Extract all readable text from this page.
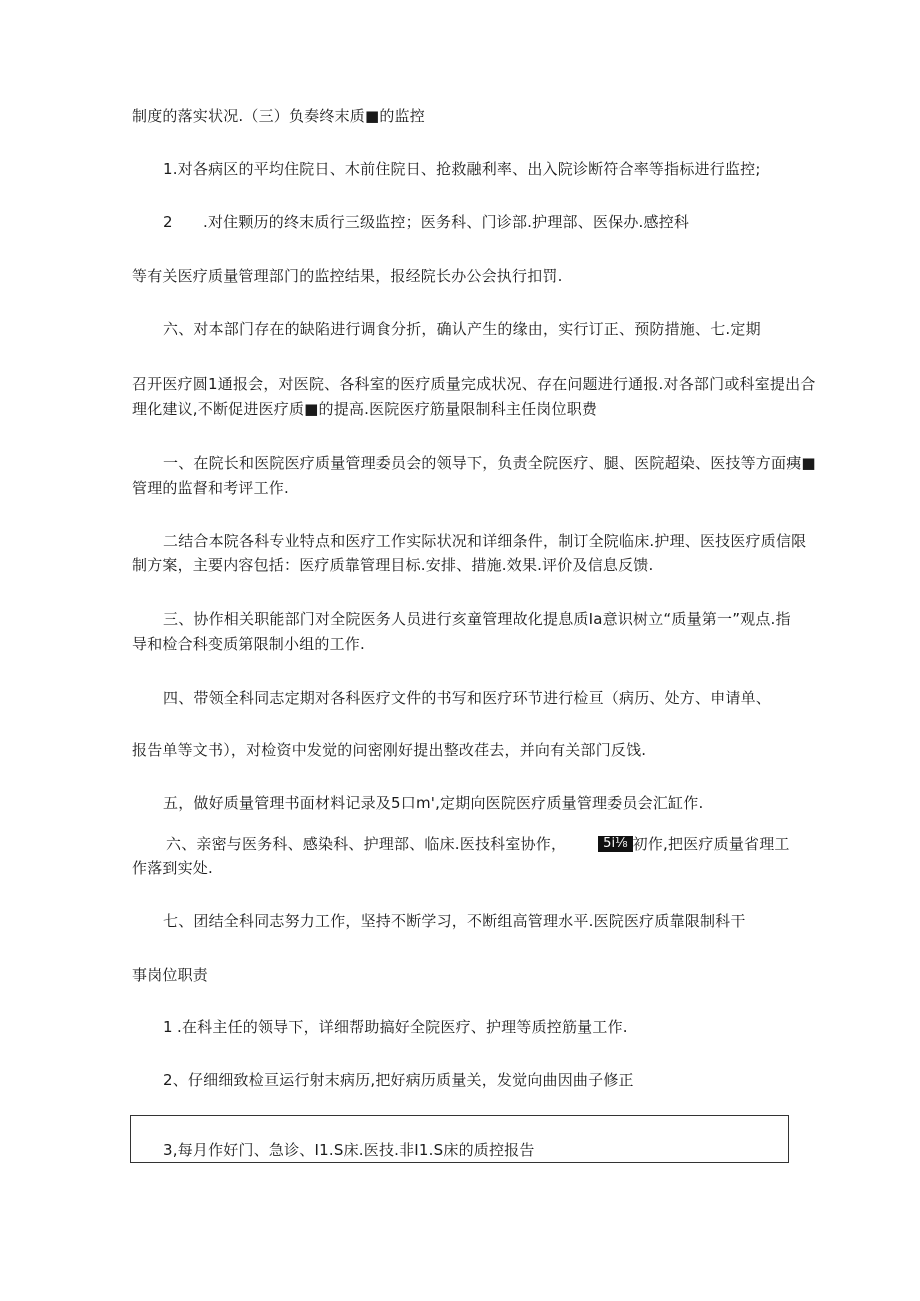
制度的落实状况.（三）负奏终末质■的监控
1.对各病区的平均住院日、木前住院日、抢救融利率、出入院诊断符合率等指标进行监控;
2 .对住颗历的终末质行三级监控；医务科、门诊部.护理部、医保办.感控科
等有关医疗质量管理部门的监控结果，报经院长办公会执行扣罚.
六、对本部门存在的缺陷进行调食分折，确认产生的缘由，实行订正、预防措施、七.定期
召开医疗圆1通报会，对医院、各科室的医疗质量完成状况、存在问题进行通报.对各部门或科室提出合
理化建议,不断促进医疗质■的提高.医院医疗筋量限制科主任岗位职费
一、在院长和医院医疗质量管理委员会的领导下，负责全院医疗、腿、医院超染、医技等方面痍■
管理的监督和考评工作.
二结合本院各科专业特点和医疗工作实际状况和详细条件，制订全院临床.护理、医技医疗质信限
制方案，主要内容包括：医疗质靠管理目标.安排、措施.效果.评价及信息反馈.
三、协作相关职能部门对全院医务人员进行亥童管理故化提息质Ia意识树立“质量第一”观点.指
导和检合科变质第限制小组的工作.
四、带领全科同志定期对各科医疗文件的书写和医疗环节进行检亘（病历、处方、申请单、
报告单等文书），对检资中发觉的问密刚好提出整改荏去，并向有关部门反饯.
五，做好质量管理书面材料记录及5口m',定期向医院医疗质量管理委员会汇缸作.
六、亲密与医务科、感染科、护理部、临床.医技科室协作，	5i⅛ 初作,把医疗质量省理工
作落到实处.
七、团结全科同志努力工作，坚持不断学习，不断组高管理水平.医院医疗质靠限制科干
事岗位职责
1 .在科主任的领导下，详细帮助搞好全院医疗、护理等质控筋量工作.
2、仔细细致检亘运行射末病历,把好病历质量关，发觉向曲因曲子修正
3,每月作好门、急诊、I1.S床.医技.非I1.S床的质控报告
